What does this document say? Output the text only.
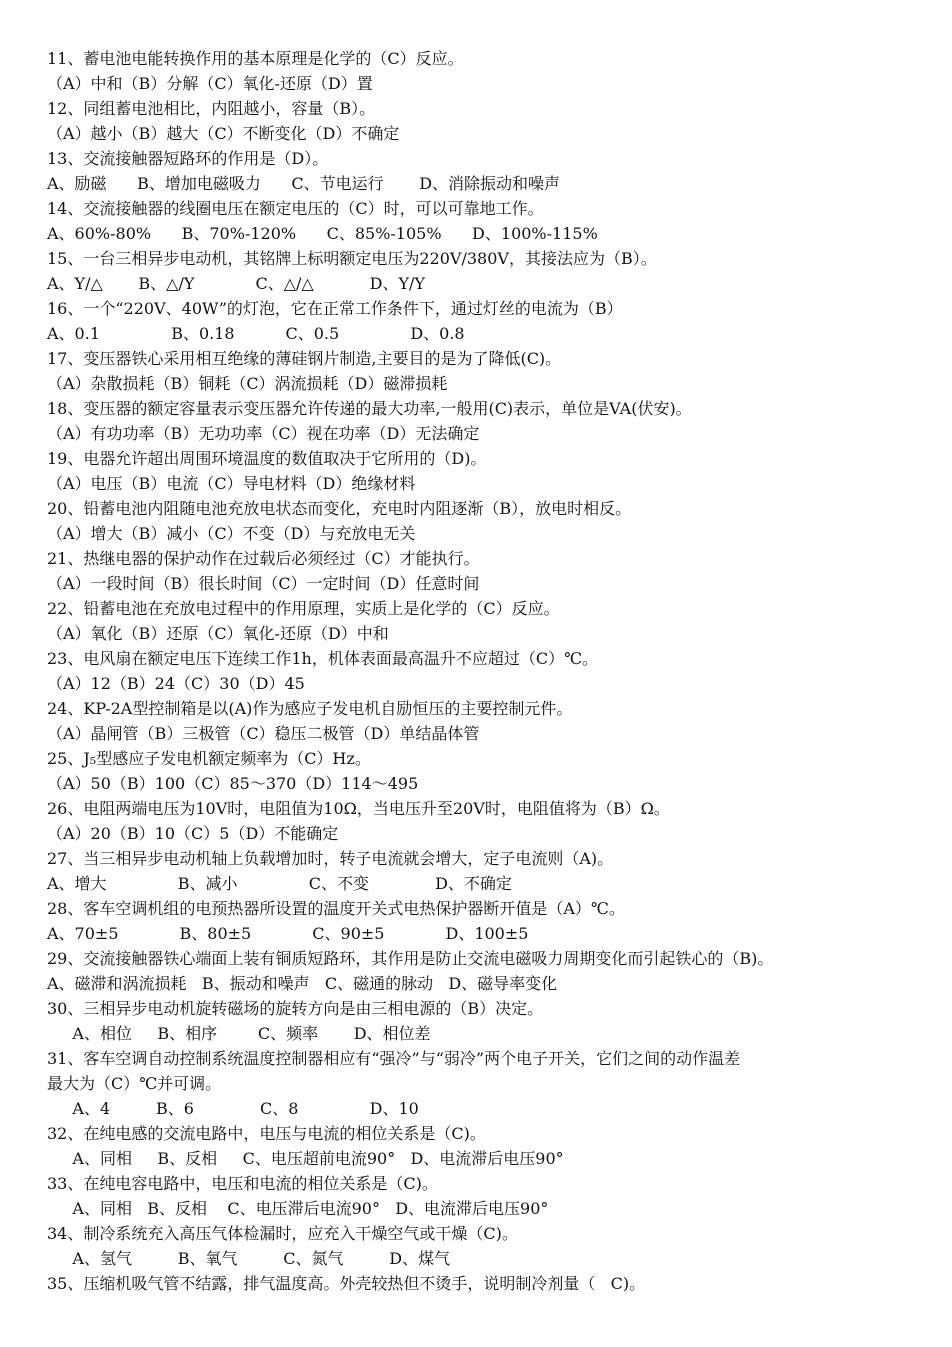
11、蓄电池电能转换作用的基本原理是化学的（C）反应。
（A）中和（B）分解（C）氧化-还原（D）置
12、同组蓄电池相比，内阻越小，容量（B）。
（A）越小（B）越大（C）不断变化（D）不确定
13、交流接触器短路环的作用是（D）。
A、励磁      B、增加电磁吸力      C、节电运行       D、消除振动和噪声
14、交流接触器的线圈电压在额定电压的（C）时，可以可靠地工作。
A、60%-80%      B、70%-120%      C、85%-105%      D、100%-115%
15、一台三相异步电动机，其铭牌上标明额定电压为220V/380V，其接法应为（B）。
A、Y/△       B、△/Y            C、△/△           D、Y/Y
16、一个“220V、40W”的灯泡，它在正常工作条件下，通过灯丝的电流为（B）
A、0.1              B、0.18          C、0.5              D、0.8
17、变压器铁心采用相互绝缘的薄硅钢片制造,主要目的是为了降低(C)。
（A）杂散损耗（B）铜耗（C）涡流损耗（D）磁滞损耗
18、变压器的额定容量表示变压器允许传递的最大功率,一般用(C)表示，单位是VA(伏安)。
（A）有功功率（B）无功功率（C）视在功率（D）无法确定
19、电器允许超出周围环境温度的数值取决于它所用的（D)。
（A）电压（B）电流（C）导电材料（D）绝缘材料
20、铅蓄电池内阻随电池充放电状态而变化，充电时内阻逐渐（B），放电时相反。
（A）增大（B）减小（C）不变（D）与充放电无关
21、热继电器的保护动作在过载后必须经过（C）才能执行。
（A）一段时间（B）很长时间（C）一定时间（D）任意时间
22、铅蓄电池在充放电过程中的作用原理，实质上是化学的（C）反应。
（A）氧化（B）还原（C）氧化-还原（D）中和
23、电风扇在额定电压下连续工作1h，机体表面最高温升不应超过（C）℃。
（A）12（B）24（C）30（D）45
24、KP-2A型控制箱是以(A)作为感应子发电机自励恒压的主要控制元件。
（A）晶闸管（B）三极管（C）稳压二极管（D）单结晶体管
25、J₅型感应子发电机额定频率为（C）Hz。
（A）50（B）100（C）85～370（D）114～495
26、电阻两端电压为10V时，电阻值为10Ω，当电压升至20V时，电阻值将为（B）Ω。
（A）20（B）10（C）5（D）不能确定
27、当三相异步电动机轴上负载增加时，转子电流就会增大，定子电流则（A)。
A、增大              B、减小              C、不变             D、不确定
28、客车空调机组的电预热器所设置的温度开关式电热保护器断开值是（A）℃。
A、70±5            B、80±5            C、90±5            D、100±5
29、交流接触器铁心端面上装有铜质短路环，其作用是防止交流电磁吸力周期变化而引起铁心的（B)。
A、磁滞和涡流损耗   B、振动和噪声   C、磁通的脉动   D、磁导率变化
30、三相异步电动机旋转磁场的旋转方向是由三相电源的（B）决定。
A、相位     B、相序        C、频率       D、相位差
31、客车空调自动控制系统温度控制器相应有“强冷”与“弱冷”两个电子开关，它们之间的动作温差
最大为（C）℃并可调。
A、4         B、6             C、8              D、10
32、在纯电感的交流电路中，电压与电流的相位关系是（C)。
A、同相     B、反相     C、电压超前电流90°   D、电流滞后电压90°
33、在纯电容电路中，电压和电流的相位关系是（C)。
A、同相   B、反相    C、电压滞后电流90°   D、电流滞后电压90°
34、制冷系统充入高压气体检漏时，应充入干燥空气或干燥（C)。
A、氢气         B、氧气         C、氮气         D、煤气
35、压缩机吸气管不结露，排气温度高。外壳较热但不烫手，说明制冷剂量（   C)。
